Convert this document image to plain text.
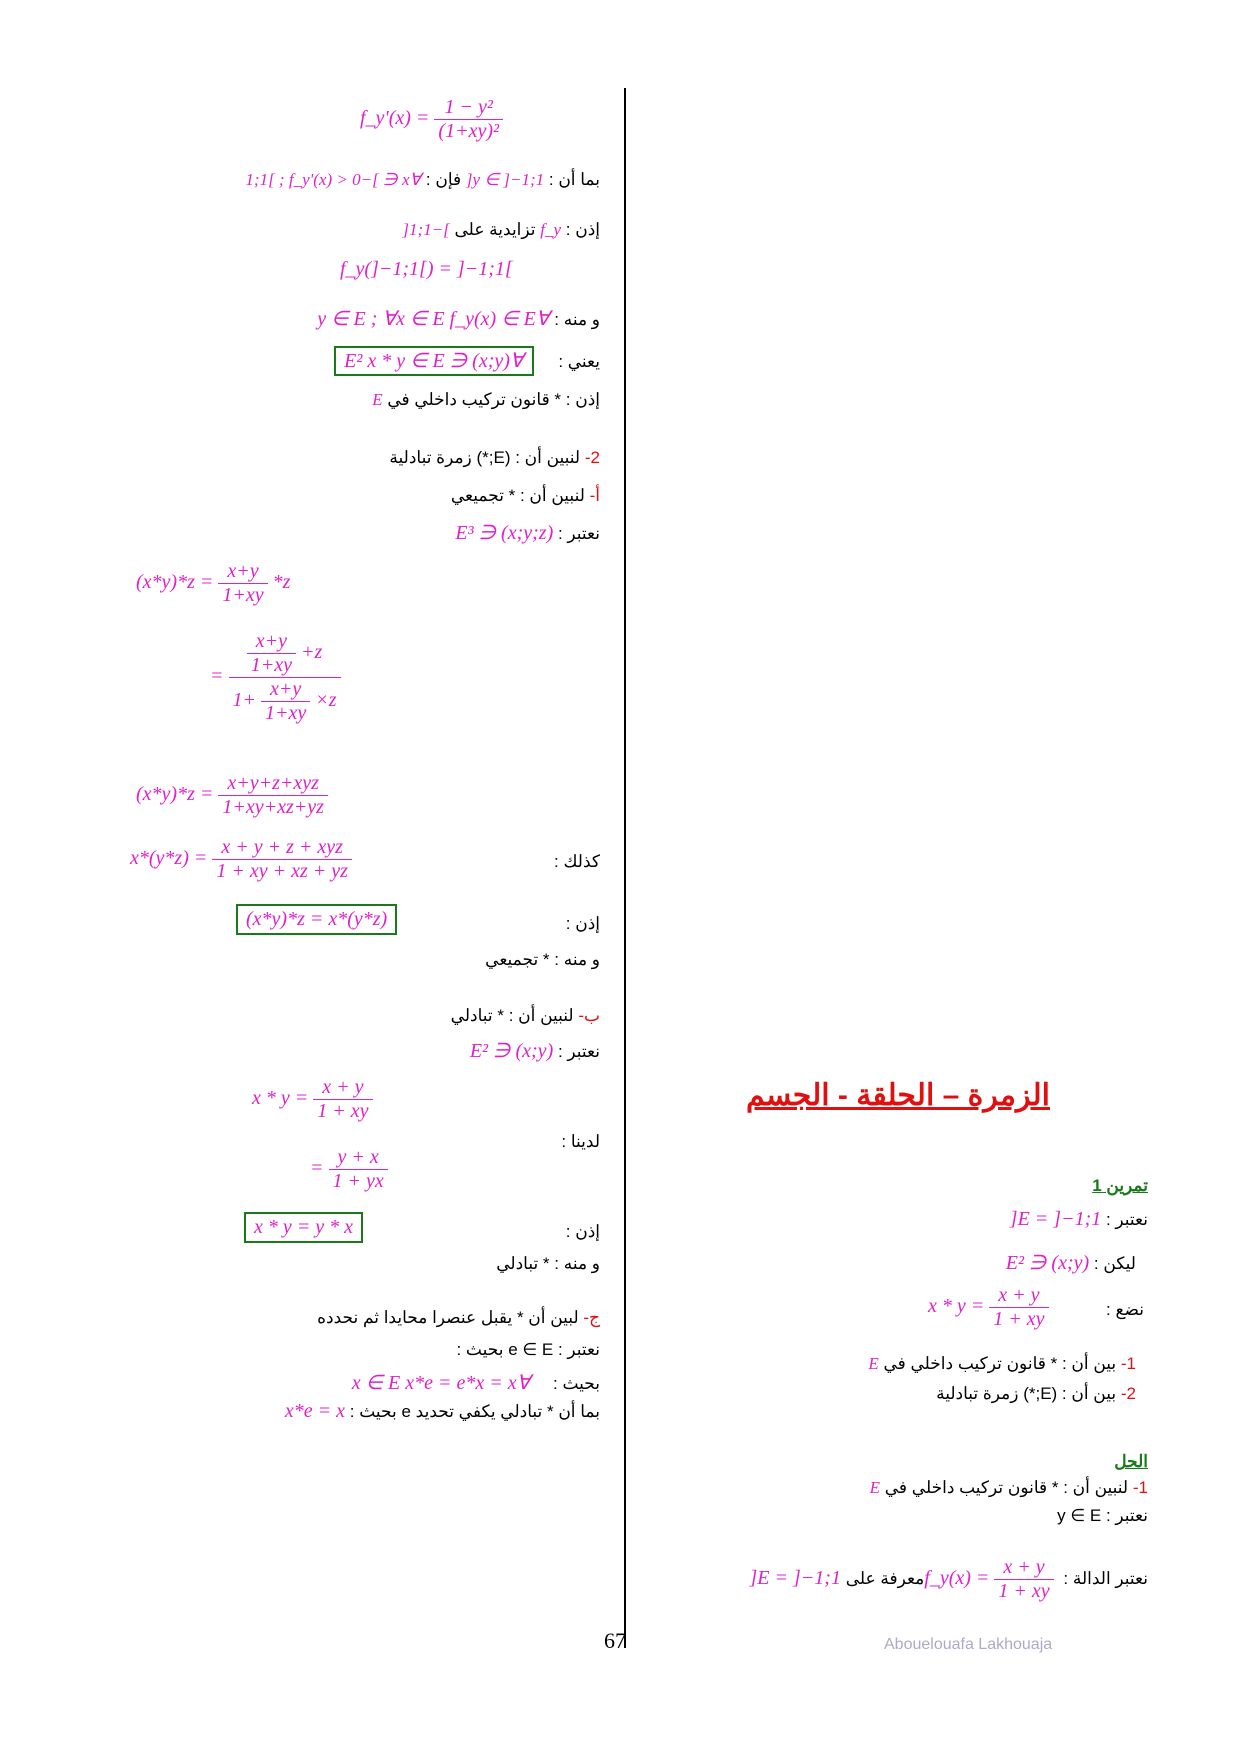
f_y'(x) = $\frac{\text{1 − y²}}{\text{(1+xy)²}}$
بما أن : y ∈ ]−1;1[ فإن : ∀x ∈ ]−1;1[ ; f_y'(x) > 0
إذن : f_y تزايدية على ]−1;1[
f_y(]−1;1[) = ]−1;1[
و منه : ∀y ∈ E ; ∀x ∈ E f_y(x) ∈ E
يعني : ∀(x;y) ∈ E² x * y ∈ E
إذن : * قانون تركيب داخلي في E
2- لنبين أن : (E;*) زمرة تبادلية
أ- لنبين أن : * تجميعي
نعتبر : (x;y;z) ∈ E³
$(x*y)*z = \frac{x+y}{1+xy} *z$
= $\frac{\frac{x+y}{1+xy} +z}{1+ \frac{x+y}{1+xy} \times z}$
$(x*y)*z = \frac{\text{x+y+z+xyz}}{1+xy+xz+yz}$
$x*(y*z) = \frac{\text{x + y + z + xyz}}{1 + xy + xz + yz}$	كذلك :
(x*y)*z = x*(y*z)	إذن :
و منه : * تجميعي
ب- لنبين أن : * تبادلي
نعتبر : (x;y) ∈ E²
$x * y = \frac{x + y}{1 + xy}$
لدينا :
= $\frac{y + x}{1 + yx}$
x * y = y * x	إذن :
و منه : * تبادلي
ج- لبين أن * يقبل عنصرا محايدا ثم نحدده
نعتبر : e ∈ E بحيث :
بحيث : ∀x ∈ E x*e = e*x = x
بما أن * تبادلي يكفي تحديد e بحيث : x*e = x
الزمرة – الحلقة - الجسم
تمرين 1
نعتبر : E = ]−1;1[
ليكن : (x;y) ∈ E²
نضع :
$x * y = \frac{x + y}{1 + xy}$
1- بين أن : * قانون تركيب داخلي في E
2- بين أن : (E;*) زمرة تبادلية
الحل
1- لنبين أن : * قانون تركيب داخلي في E
نعتبر : y ∈ E
نعتبر الدالة : f_y(x) = $\frac{x + y}{1 + xy}$
معرفة على E = ]−1;1[
67	Abouelouafa Lakhouaja
